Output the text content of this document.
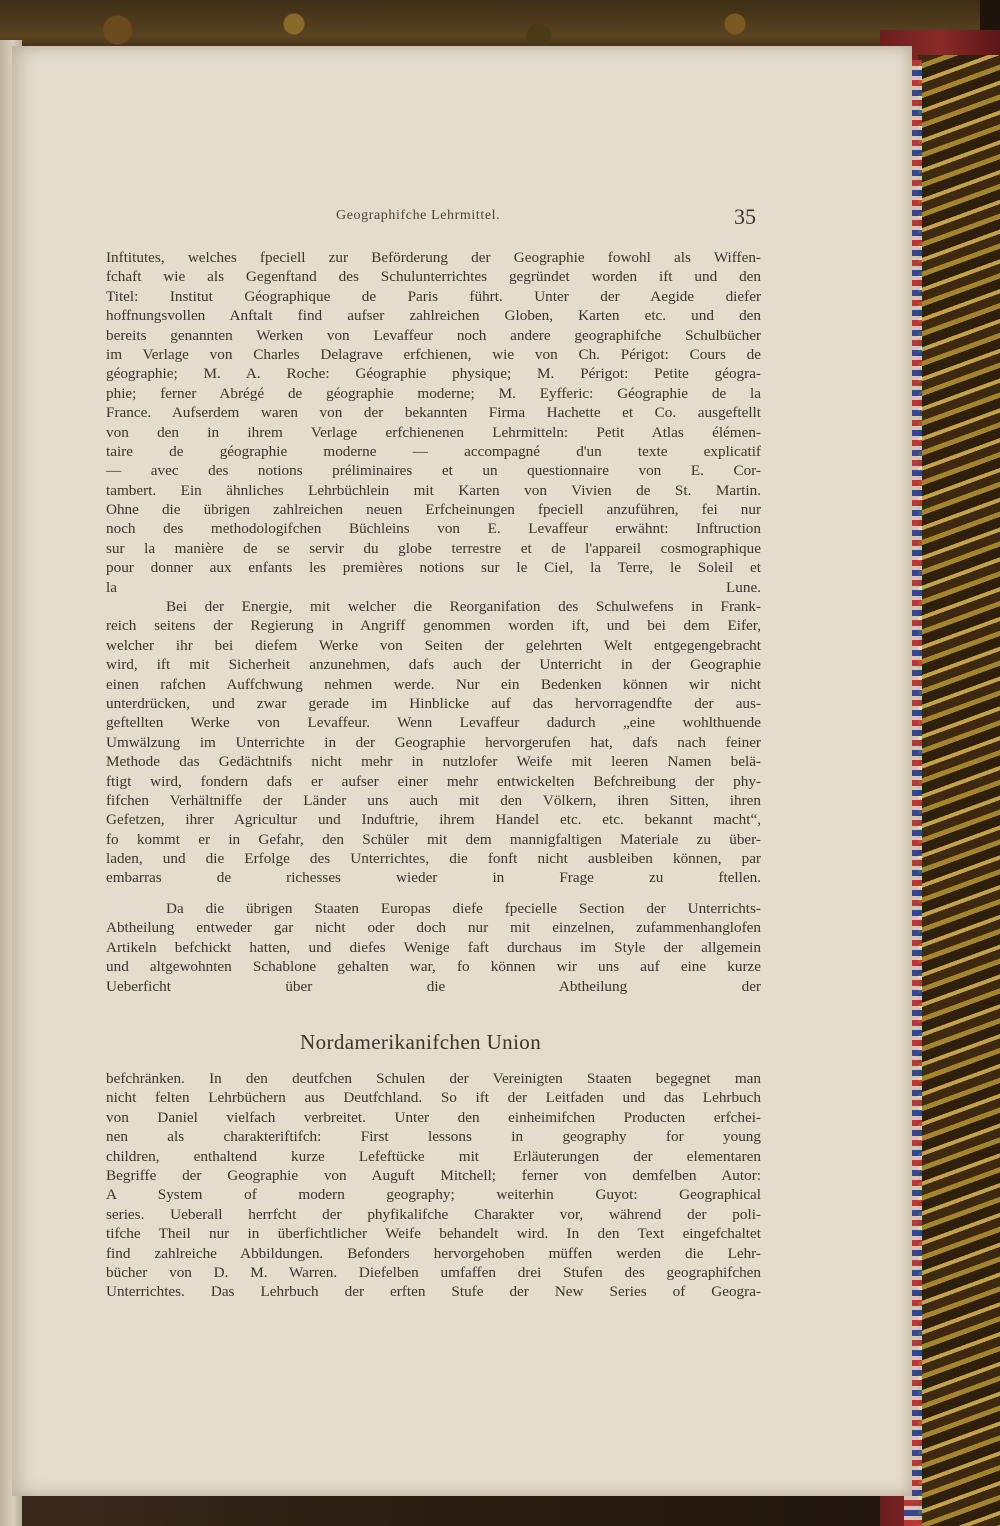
Geographifche Lehrmittel.	35
Inftitutes, welches fpeciell zur Beförderung der Geographie fowohl als Wiffen-
fchaft wie als Gegenftand des Schulunterrichtes gegründet worden ift und den
Titel: Institut Géographique de Paris führt. Unter der Aegide diefer
hoffnungsvollen Anftalt find aufser zahlreichen Globen, Karten etc. und den
bereits genannten Werken von Levaffeur noch andere geographifche Schulbücher
im Verlage von Charles Delagrave erfchienen, wie von Ch. Périgot: Cours de
géographie; M. A. Roche: Géographie physique; M. Périgot: Petite géogra-
phie; ferner Abrégé de géographie moderne; M. Eyfferic: Géographie de la
France. Aufserdem waren von der bekannten Firma Hachette et Co. ausgeftellt
von den in ihrem Verlage erfchienenen Lehrmitteln: Petit Atlas élémen-
taire de géographie moderne — accompagné d'un texte explicatif
— avec des notions préliminaires et un questionnaire von E. Cor-
tambert. Ein ähnliches Lehrbüchlein mit Karten von Vivien de St. Martin.
Ohne die übrigen zahlreichen neuen Erfcheinungen fpeciell anzuführen, fei nur
noch des methodologifchen Büchleins von E. Levaffeur erwähnt: Inftruction
sur la manière de se servir du globe terrestre et de l'appareil cosmographique
pour donner aux enfants les premières notions sur le Ciel, la Terre, le Soleil et
la Lune.
Bei der Energie, mit welcher die Reorganifation des Schulwefens in Frank-
reich seitens der Regierung in Angriff genommen worden ift, und bei dem Eifer,
welcher ihr bei diefem Werke von Seiten der gelehrten Welt entgegengebracht
wird, ift mit Sicherheit anzunehmen, dafs auch der Unterricht in der Geographie
einen rafchen Auffchwung nehmen werde. Nur ein Bedenken können wir nicht
unterdrücken, und zwar gerade im Hinblicke auf das hervorragendfte der aus-
geftellten Werke von Levaffeur. Wenn Levaffeur dadurch „eine wohlthuende
Umwälzung im Unterrichte in der Geographie hervorgerufen hat, dafs nach feiner
Methode das Gedächtnifs nicht mehr in nutzlofer Weife mit leeren Namen belä-
ftigt wird, fondern dafs er aufser einer mehr entwickelten Befchreibung der phy-
fifchen Verhältniffe der Länder uns auch mit den Völkern, ihren Sitten, ihren
Gefetzen, ihrer Agricultur und Induftrie, ihrem Handel etc. etc. bekannt macht“,
fo kommt er in Gefahr, den Schüler mit dem mannigfaltigen Materiale zu über-
laden, und die Erfolge des Unterrichtes, die fonft nicht ausbleiben können, par
embarras de richesses wieder in Frage zu ftellen.
Da die übrigen Staaten Europas diefe fpecielle Section der Unterrichts-
Abtheilung entweder gar nicht oder doch nur mit einzelnen, zufammenhanglofen
Artikeln befchickt hatten, und diefes Wenige faft durchaus im Style der allgemein
und altgewohnten Schablone gehalten war, fo können wir uns auf eine kurze
Ueberficht über die Abtheilung der
Nordamerikanifchen Union
befchränken. In den deutfchen Schulen der Vereinigten Staaten begegnet man
nicht felten Lehrbüchern aus Deutfchland. So ift der Leitfaden und das Lehrbuch
von Daniel vielfach verbreitet. Unter den einheimifchen Producten erfchei-
nen als charakteriftifch: First lessons in geography for young
children, enthaltend kurze Lefeftücke mit Erläuterungen der elementaren
Begriffe der Geographie von Auguft Mitchell; ferner von demfelben Autor:
A System of modern geography; weiterhin Guyot: Geographical
series. Ueberall herrfcht der phyfikalifche Charakter vor, während der poli-
tifche Theil nur in überfichtlicher Weife behandelt wird. In den Text eingefchaltet
find zahlreiche Abbildungen. Befonders hervorgehoben müffen werden die Lehr-
bücher von D. M. Warren. Diefelben umfaffen drei Stufen des geographifchen
Unterrichtes. Das Lehrbuch der erften Stufe der New Series of Geogra-
